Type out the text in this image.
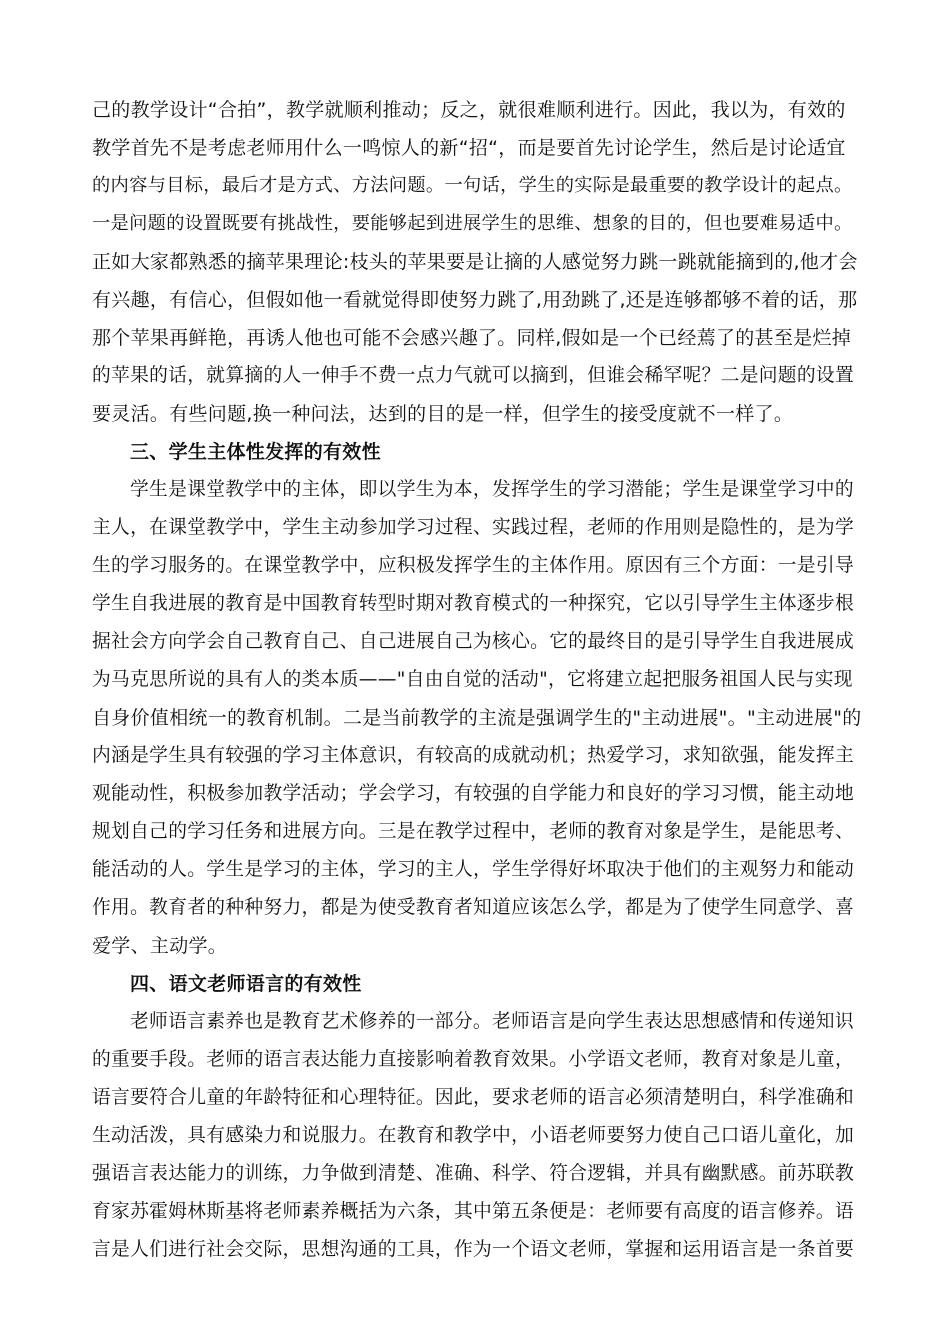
己的教学设计“合拍”，教学就顺利推动；反之，就很难顺利进行。因此，我以为，有效的
教学首先不是考虑老师用什么一鸣惊人的新“招“，而是要首先讨论学生，然后是讨论适宜
的内容与目标，最后才是方式、方法问题。一句话，学生的实际是最重要的教学设计的起点。
一是问题的设置既要有挑战性，要能够起到进展学生的思维、想象的目的，但也要难易适中。
正如大家都熟悉的摘苹果理论:枝头的苹果要是让摘的人感觉努力跳一跳就能摘到的,他才会
有兴趣，有信心，但假如他一看就觉得即使努力跳了,用劲跳了,还是连够都够不着的话，那
那个苹果再鲜艳，再诱人他也可能不会感兴趣了。同样,假如是一个已经蔫了的甚至是烂掉
的苹果的话，就算摘的人一伸手不费一点力气就可以摘到，但谁会稀罕呢？二是问题的设置
要灵活。有些问题,换一种问法，达到的目的是一样，但学生的接受度就不一样了。
三、学生主体性发挥的有效性
学生是课堂教学中的主体，即以学生为本，发挥学生的学习潜能；学生是课堂学习中的
主人，在课堂教学中，学生主动参加学习过程、实践过程，老师的作用则是隐性的，是为学
生的学习服务的。在课堂教学中，应积极发挥学生的主体作用。原因有三个方面：一是引导
学生自我进展的教育是中国教育转型时期对教育模式的一种探究，它以引导学生主体逐步根
据社会方向学会自己教育自己、自己进展自己为核心。它的最终目的是引导学生自我进展成
为马克思所说的具有人的类本质——"自由自觉的活动"，它将建立起把服务祖国人民与实现
自身价值相统一的教育机制。二是当前教学的主流是强调学生的"主动进展"。"主动进展"的
内涵是学生具有较强的学习主体意识，有较高的成就动机；热爱学习，求知欲强，能发挥主
观能动性，积极参加教学活动；学会学习，有较强的自学能力和良好的学习习惯，能主动地
规划自己的学习任务和进展方向。三是在教学过程中，老师的教育对象是学生，是能思考、
能活动的人。学生是学习的主体，学习的主人，学生学得好坏取决于他们的主观努力和能动
作用。教育者的种种努力，都是为使受教育者知道应该怎么学，都是为了使学生同意学、喜
爱学、主动学。
四、语文老师语言的有效性
老师语言素养也是教育艺术修养的一部分。老师语言是向学生表达思想感情和传递知识
的重要手段。老师的语言表达能力直接影响着教育效果。小学语文老师，教育对象是儿童，
语言要符合儿童的年龄特征和心理特征。因此，要求老师的语言必须清楚明白，科学准确和
生动活泼，具有感染力和说服力。在教育和教学中，小语老师要努力使自己口语儿童化，加
强语言表达能力的训练，力争做到清楚、准确、科学、符合逻辑，并具有幽默感。前苏联教
育家苏霍姆林斯基将老师素养概括为六条，其中第五条便是：老师要有高度的语言修养。语
言是人们进行社会交际，思想沟通的工具，作为一个语文老师，掌握和运用语言是一条首要
